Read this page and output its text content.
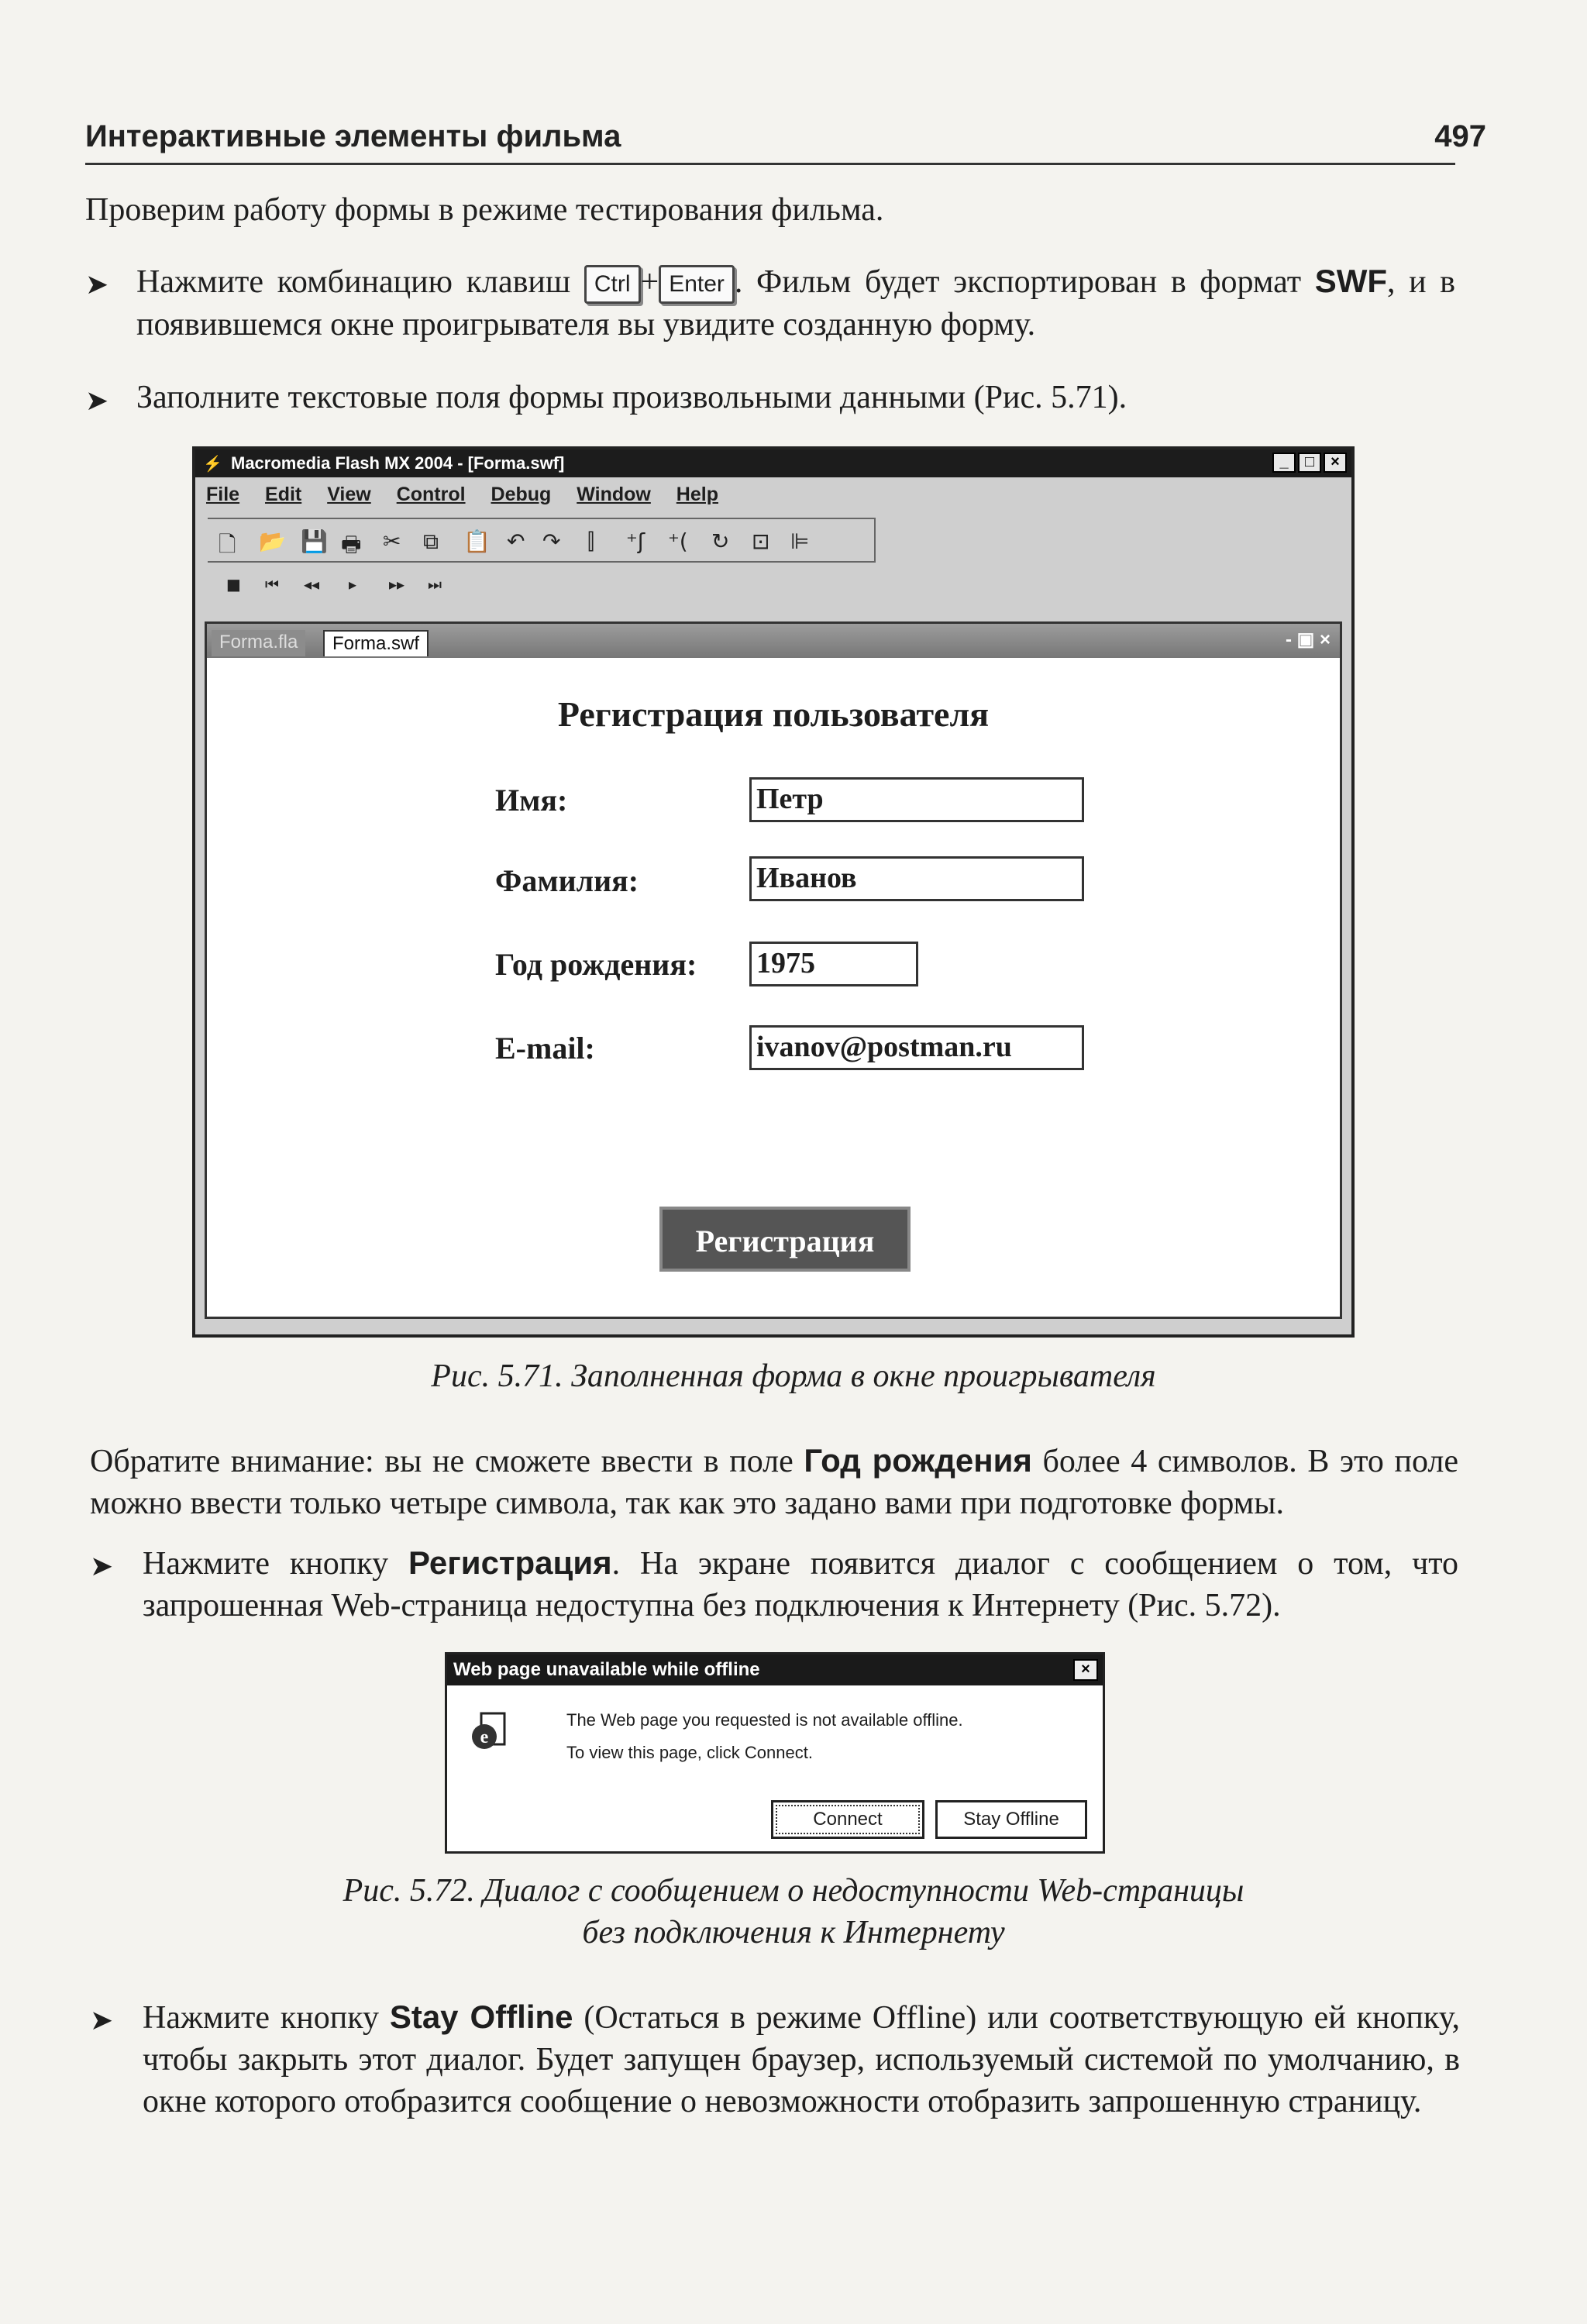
Интерактивные элементы фильма	497
Проверим работу формы в режиме тестирования фильма.
➤ Нажмите комбинацию клавиш Ctrl + Enter . Фильм будет экспортирован в формат SWF, и в появившемся окне проигрывателя вы увидите созданную форму.
➤ Заполните текстовые поля формы произвольными данными (Рис. 5.71).
⚡ Macromedia Flash MX 2004 - [Forma.swf]	_	□	×
File Edit View Control Debug Window Help
🗋 📂 💾 🖶 ✂ ⧉ 📋 ↶ ↷ ⫿ ⁺ʃ ⁺( ↻ ⊡ ⊫
■ ⏮ ◂◂ ▸ ▸▸ ⏭
Forma.fla	Forma.swf	- ▣ ×
Регистрация пользователя
Имя:	Петр
Фамилия:	Иванов
Год рождения: 1975
E-mail:	ivanov@postman.ru
Регистрация
Рис. 5.71. Заполненная форма в окне проигрывателя
Обратите внимание: вы не сможете ввести в поле Год рождения более 4 символов. В это поле можно ввести только четыре символа, так как это задано вами при подготовке формы.
➤ Нажмите кнопку Регистрация. На экране появится диалог с сообщением о том, что запрошенная Web-страница недоступна без подключения к Интернету (Рис. 5.72).
Web page unavailable while offline	×
e
The Web page you requested is not available offline.
To view this page, click Connect.
Connect	Stay Offline
Рис. 5.72. Диалог с сообщением о недоступности Web-страницы
без подключения к Интернету
➤ Нажмите кнопку Stay Offline (Остаться в режиме Offline) или соответствующую ей кнопку, чтобы закрыть этот диалог. Будет запущен браузер, используемый системой по умолчанию, в окне которого отобразится сообщение о невозможности отобразить запрошенную страницу.
